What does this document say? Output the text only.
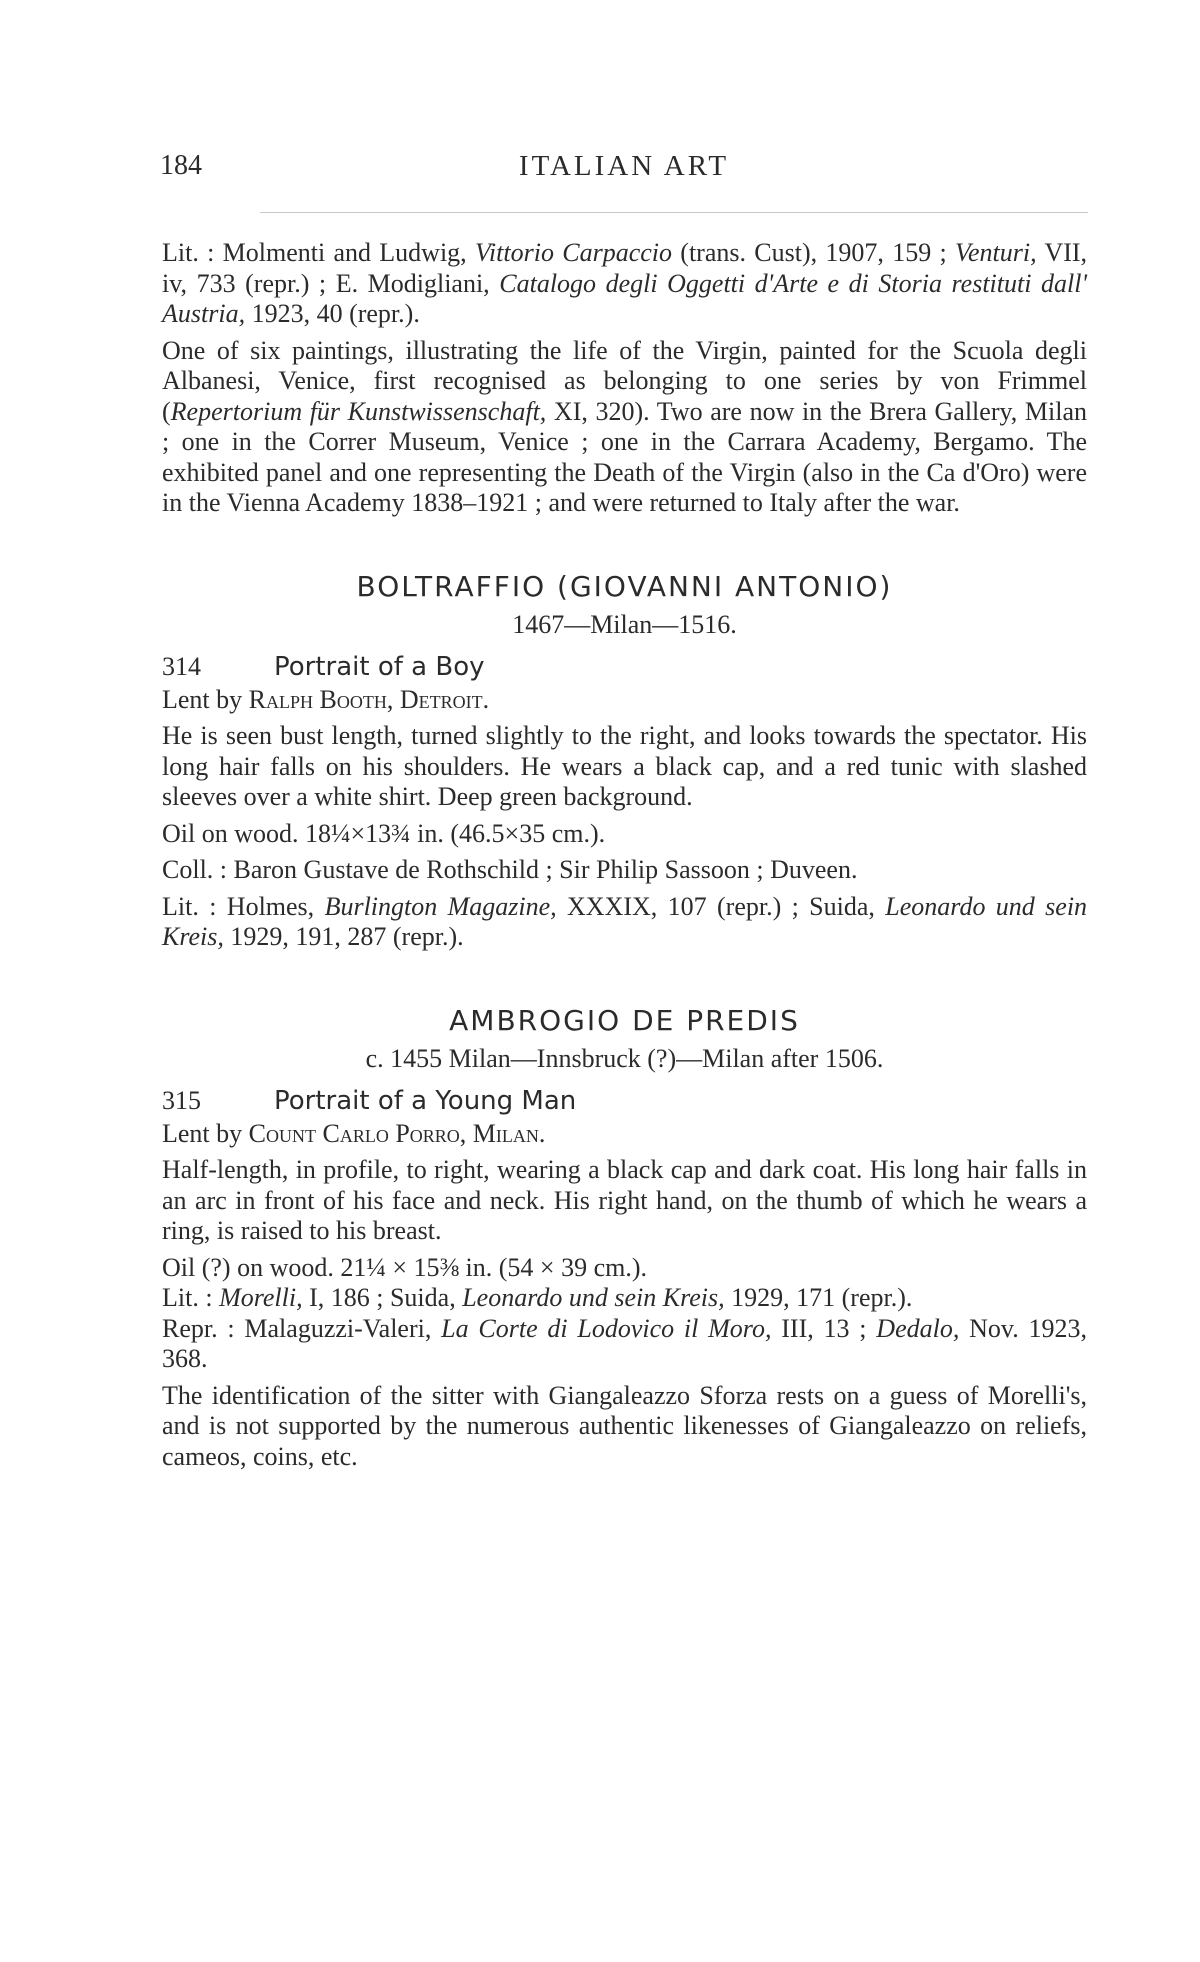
184	ITALIAN ART

Lit. : Molmenti and Ludwig, Vittorio Carpaccio (trans. Cust), 1907, 159 ; Venturi, VII, iv, 733 (repr.) ; E. Modigliani, Catalogo degli Oggetti d'Arte e di Storia restituti dall' Austria, 1923, 40 (repr.).

One of six paintings, illustrating the life of the Virgin, painted for the Scuola degli Albanesi, Venice, first recognised as belonging to one series by von Frimmel (Repertorium für Kunstwissenschaft, XI, 320). Two are now in the Brera Gallery, Milan ; one in the Correr Museum, Venice ; one in the Carrara Academy, Bergamo. The exhibited panel and one representing the Death of the Virgin (also in the Ca d'Oro) were in the Vienna Academy 1838–1921 ; and were returned to Italy after the war.

BOLTRAFFIO (GIOVANNI ANTONIO)
1467—Milan—1516.
314	Portrait of a Boy

Lent by Ralph Booth, Detroit.

He is seen bust length, turned slightly to the right, and looks towards the spectator. His long hair falls on his shoulders. He wears a black cap, and a red tunic with slashed sleeves over a white shirt. Deep green background.

Oil on wood. 18¼×13¾ in. (46.5×35 cm.).

Coll. : Baron Gustave de Rothschild ; Sir Philip Sassoon ; Duveen.

Lit. : Holmes, Burlington Magazine, XXXIX, 107 (repr.) ; Suida, Leonardo und sein Kreis, 1929, 191, 287 (repr.).

AMBROGIO DE PREDIS
c. 1455 Milan—Innsbruck (?)—Milan after 1506.
315	Portrait of a Young Man

Lent by Count Carlo Porro, Milan.

Half-length, in profile, to right, wearing a black cap and dark coat. His long hair falls in an arc in front of his face and neck. His right hand, on the thumb of which he wears a ring, is raised to his breast.

Oil (?) on wood. 21¼ × 15⅜ in. (54 × 39 cm.).

Lit. : Morelli, I, 186 ; Suida, Leonardo und sein Kreis, 1929, 171 (repr.).

Repr. : Malaguzzi-Valeri, La Corte di Lodovico il Moro, III, 13 ; Dedalo, Nov. 1923, 368.

The identification of the sitter with Giangaleazzo Sforza rests on a guess of Morelli's, and is not supported by the numerous authentic likenesses of Giangaleazzo on reliefs, cameos, coins, etc.
